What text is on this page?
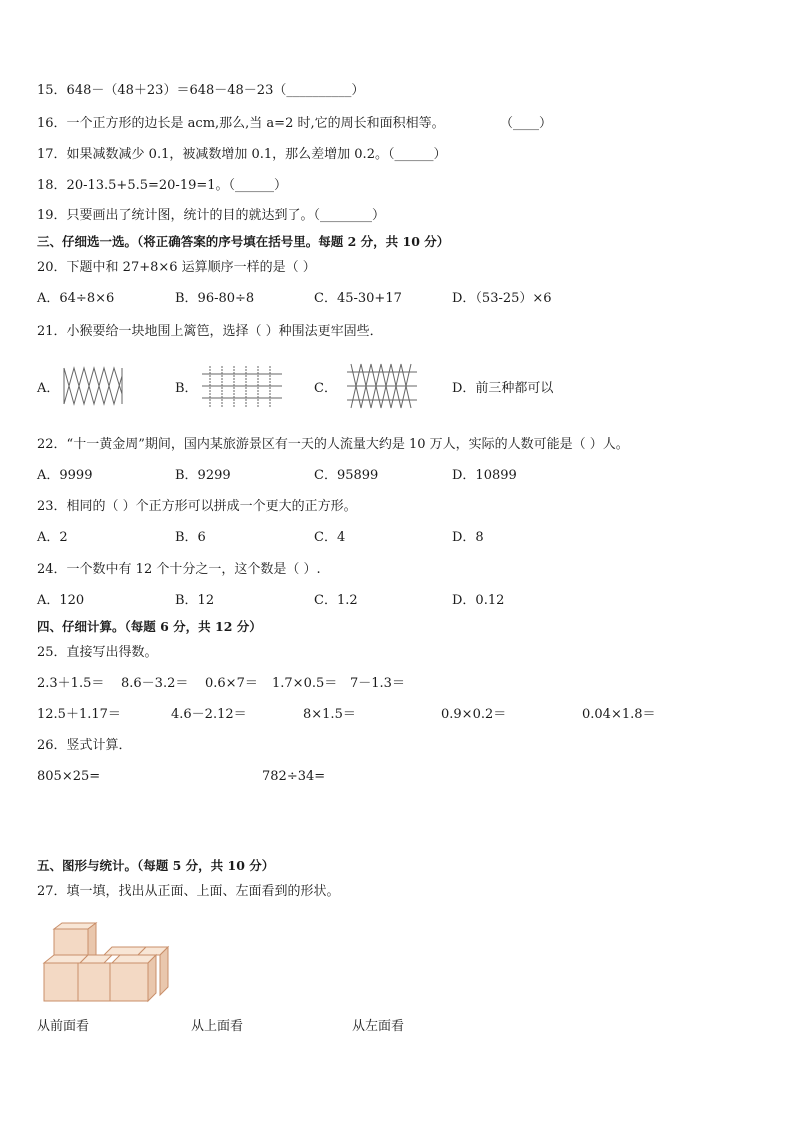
15．648－（48＋23）＝648－48－23（__________）
16．一个正方形的边长是 acm,那么,当 a=2 时,它的周长和面积相等。	（____）
17．如果减数减少 0.1，被减数增加 0.1，那么差增加 0.2。（______）
18．20-13.5+5.5=20-19=1。（______）
19．只要画出了统计图，统计的目的就达到了。（________）
三、仔细选一选。（将正确答案的序号填在括号里。每题 2 分，共 10 分）
20．下题中和 27+8×6 运算顺序一样的是（ ）
A．64÷8×6	B．96-80÷8	C．45-30+17	D．（53-25）×6
21．小猴要给一块地围上篱笆，选择（ ）种围法更牢固些．
A．	B．	C．	D．前三种都可以
22．“十一黄金周”期间，国内某旅游景区有一天的人流量大约是 10 万人，实际的人数可能是（ ）人。
A．9999	B．9299	C．95899	D．10899
23．相同的（ ）个正方形可以拼成一个更大的正方形。
A．2	B．6	C．4	D．8
24．一个数中有 12 个十分之一，这个数是（ ）.
A．120	B．12	C．1.2	D．0.12
四、仔细计算。（每题 6 分，共 12 分）
25．直接写出得数。
2.3＋1.5＝ 8.6－3.2＝ 0.6×7＝ 1.7×0.5＝ 7－1.3＝
12.5＋1.17＝	4.6－2.12＝	8×1.5＝	0.9×0.2＝	0.04×1.8＝
26．竖式计算．
805×25=	782÷34=
五、图形与统计。（每题 5 分，共 10 分）
27．填一填，找出从正面、上面、左面看到的形状。
从前面看	从上面看	从左面看
